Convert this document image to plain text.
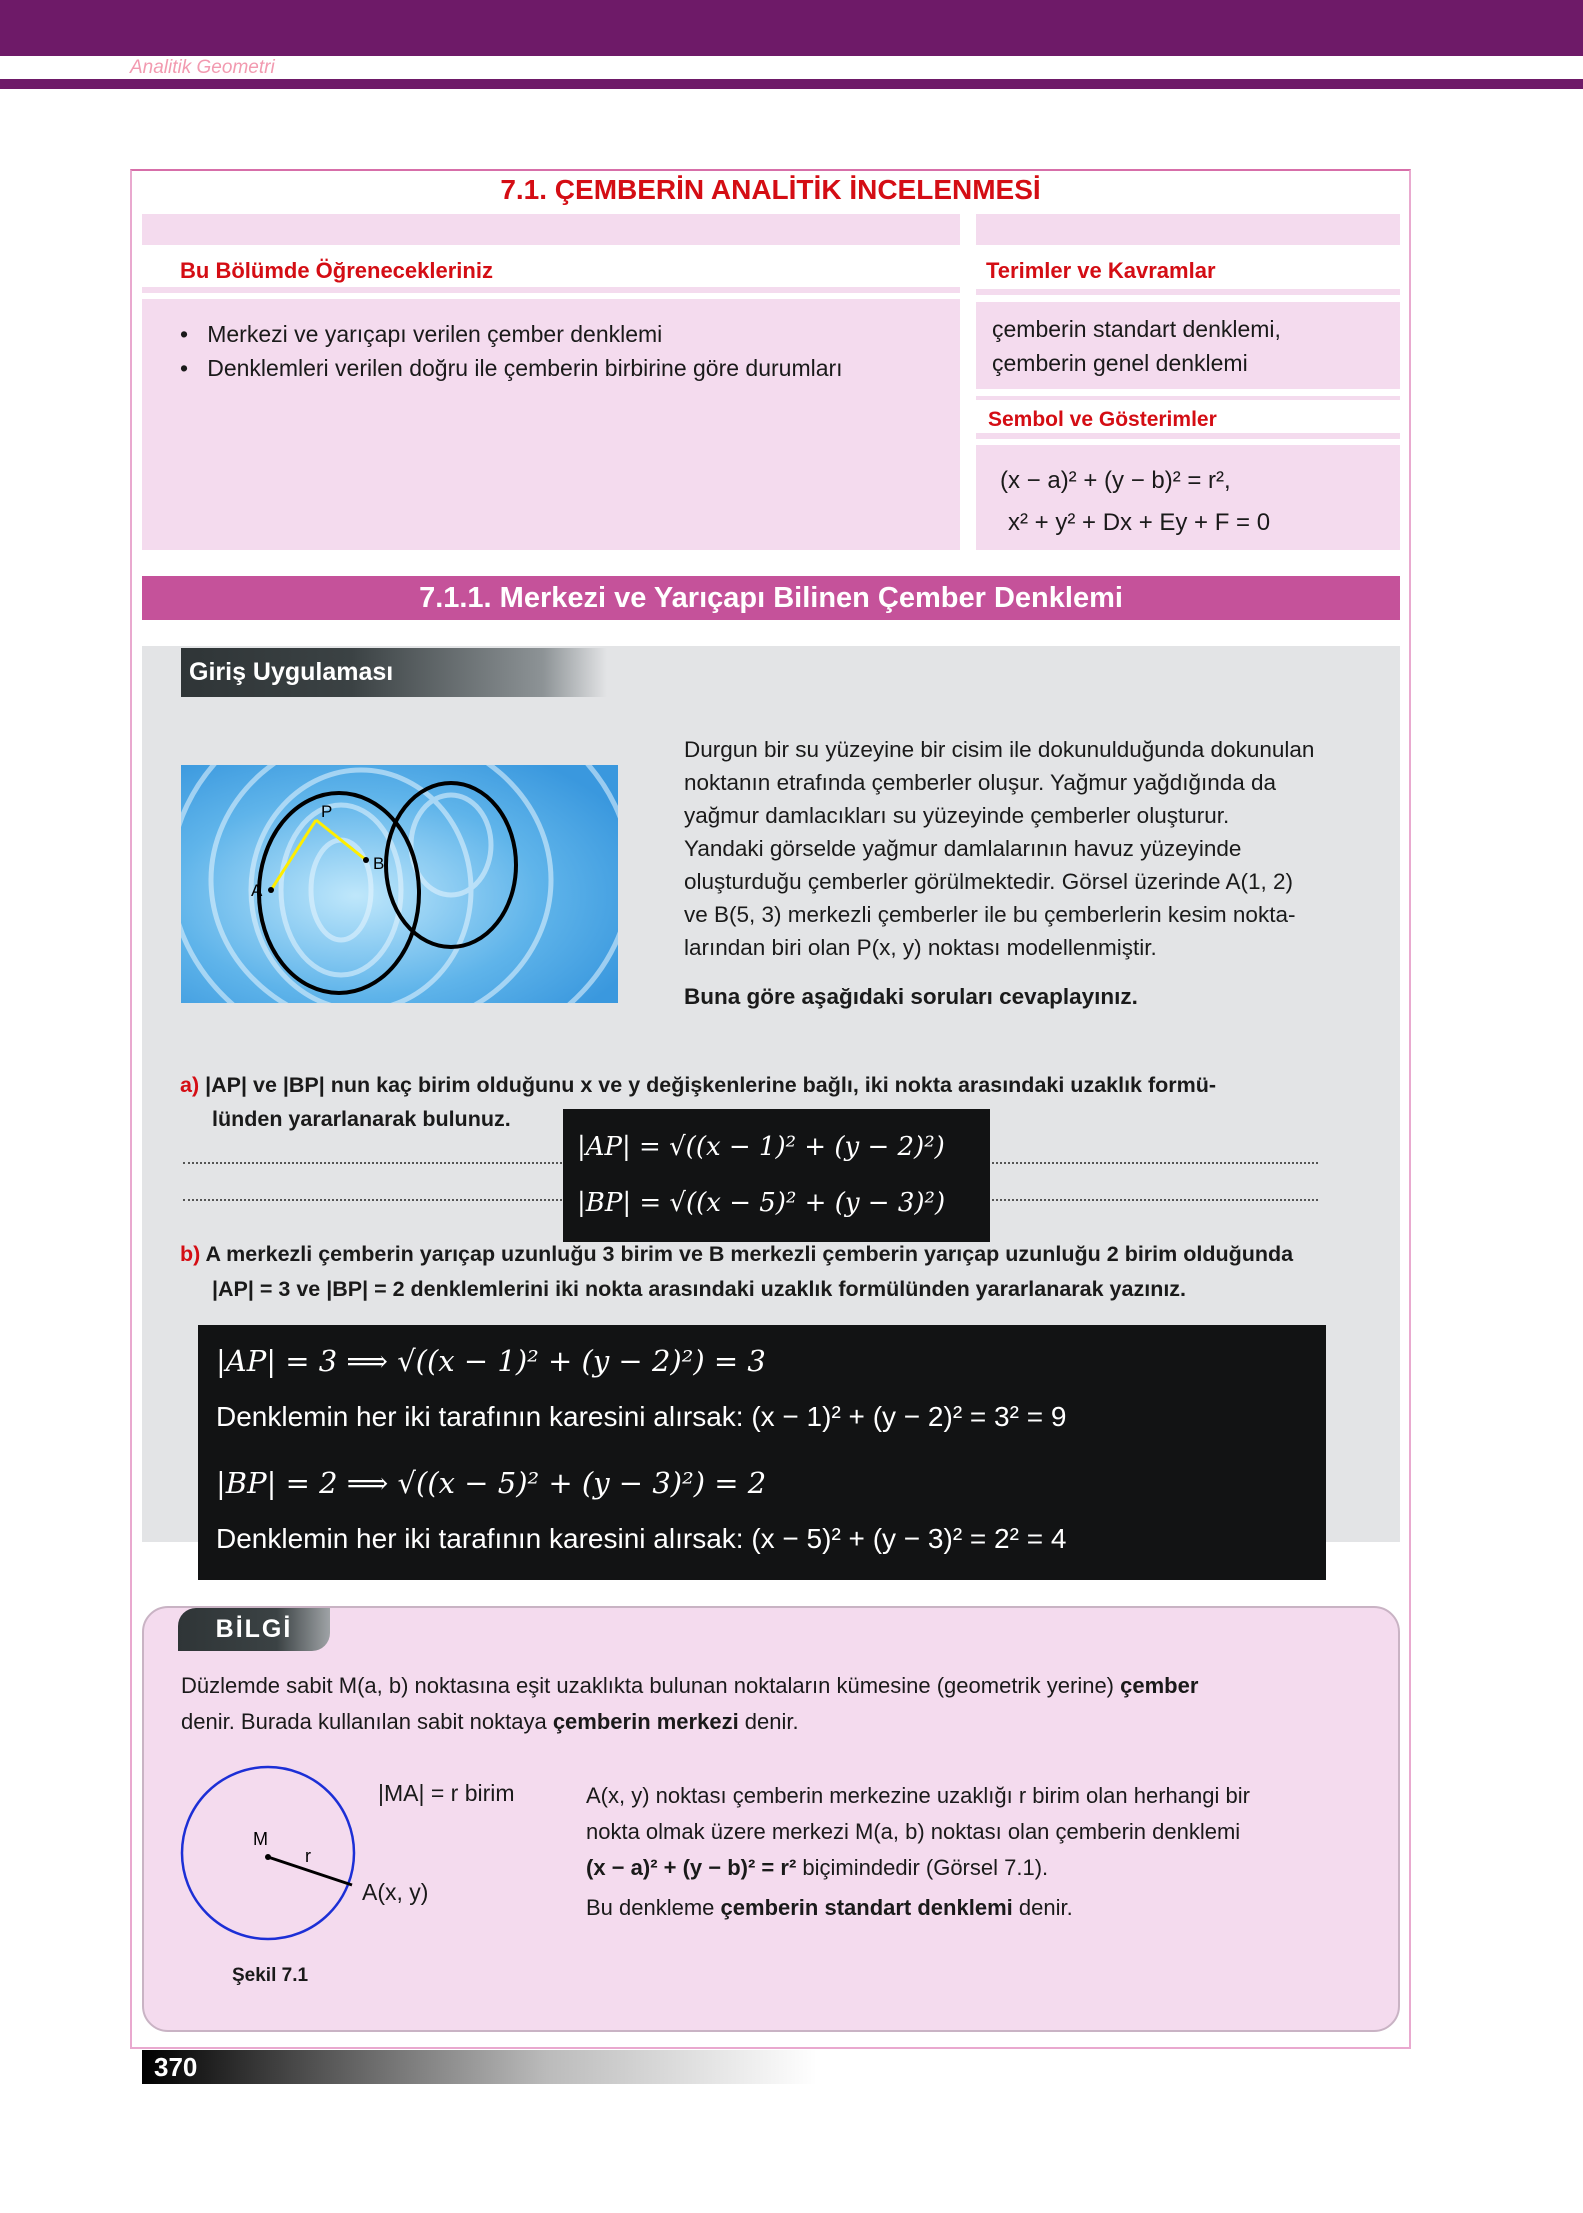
Analitik Geometri
7.1. ÇEMBERİN ANALİTİK İNCELENMESİ
Bu Bölümde Öğrenecekleriniz
•   Merkezi ve yarıçapı verilen çember denklemi
•   Denklemleri verilen doğru ile çemberin birbirine göre durumları
Terimler ve Kavramlar
çemberin standart denklemi,
çemberin genel denklemi
Sembol ve Gösterimler
(x − a)² + (y − b)² = r²,
x² + y² + Dx + Ey + F = 0
7.1.1. Merkezi ve Yarıçapı Bilinen Çember Denklemi
Giriş Uygulaması
P
A
B
Durgun bir su yüzeyine bir cisim ile dokunulduğunda dokunulan
noktanın etrafında çemberler oluşur. Yağmur yağdığında da
yağmur damlacıkları su yüzeyinde çemberler oluşturur.
Yandaki görselde yağmur damlalarının havuz yüzeyinde
oluşturduğu çemberler görülmektedir. Görsel üzerinde A(1, 2)
ve B(5, 3) merkezli çemberler ile bu çemberlerin kesim nokta-
larından biri olan P(x, y) noktası modellenmiştir.
Buna göre aşağıdaki soruları cevaplayınız.
a) |AP| ve |BP| nun kaç birim olduğunu x ve y değişkenlerine bağlı, iki nokta arasındaki uzaklık formü-
lünden yararlanarak bulunuz.
|AP| = √((x − 1)² + (y − 2)²)
|BP| = √((x − 5)² + (y − 3)²)
b) A merkezli çemberin yarıçap uzunluğu 3 birim ve B merkezli çemberin yarıçap uzunluğu 2 birim olduğunda
|AP| = 3 ve |BP| = 2 denklemlerini iki nokta arasındaki uzaklık formülünden yararlanarak yazınız.
|AP| = 3 ⟹ √((x − 1)² + (y − 2)²) = 3
Denklemin her iki tarafının karesini alırsak: (x − 1)² + (y − 2)² = 3² = 9
|BP| = 2 ⟹ √((x − 5)² + (y − 3)²) = 2
Denklemin her iki tarafının karesini alırsak: (x − 5)² + (y − 3)² = 2² = 4
BİLGİ
Düzlemde sabit M(a, b) noktasına eşit uzaklıkta bulunan noktaların kümesine (geometrik yerine) çember
denir. Burada kullanılan sabit noktaya çemberin merkezi denir.
M
r
A(x, y)
|MA| = r birim
Şekil 7.1
A(x, y) noktası çemberin merkezine uzaklığı r birim olan herhangi bir
nokta olmak üzere merkezi M(a, b) noktası olan çemberin denklemi
(x − a)² + (y − b)² = r² biçimindedir (Görsel 7.1).
Bu denkleme çemberin standart denklemi denir.
370
